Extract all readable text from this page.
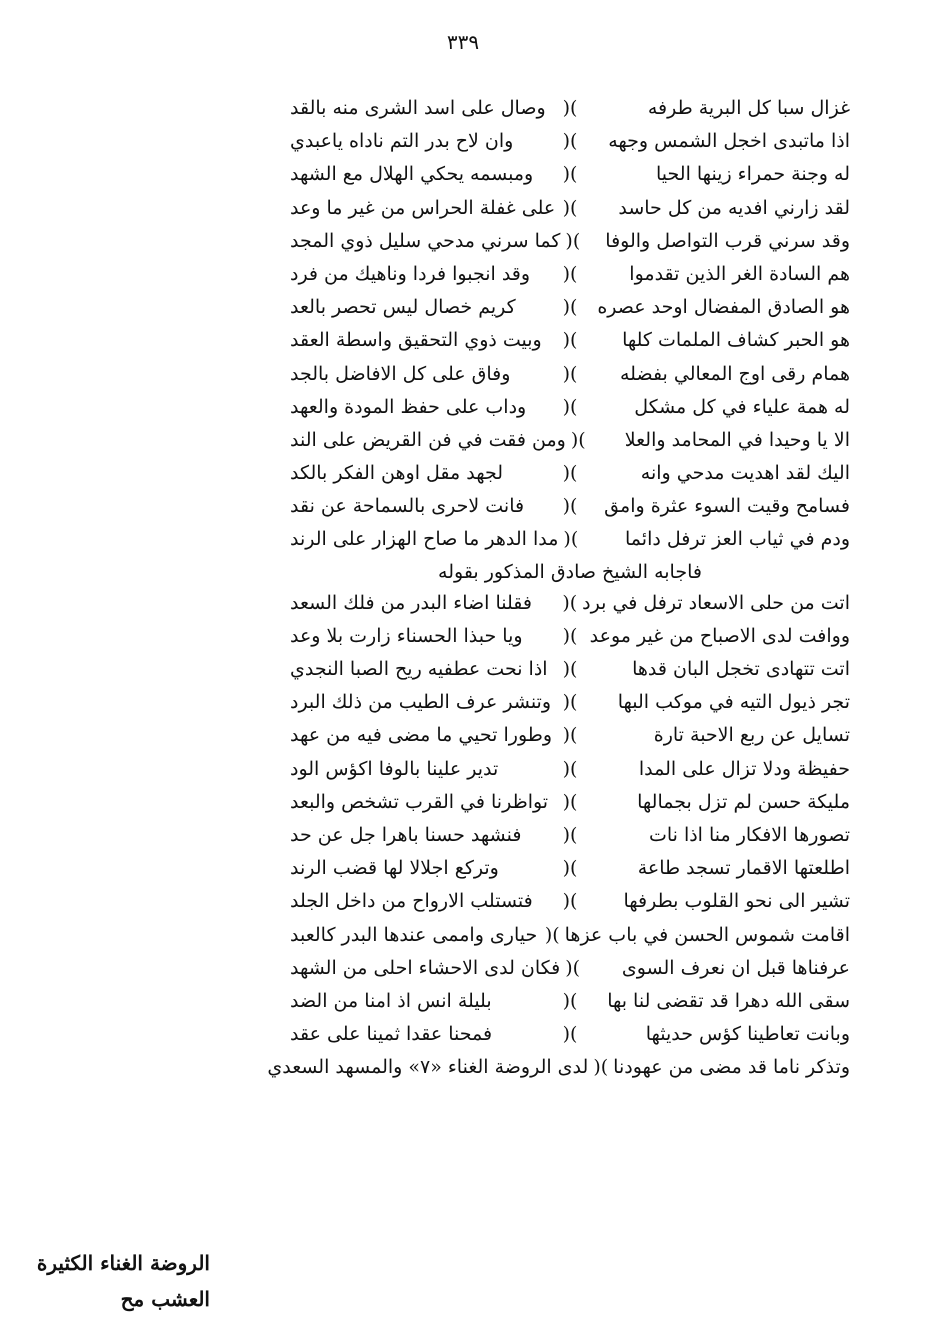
٣٣٩
غزال سبا كل البرية طرفه
)(
وصال على اسد الشرى منه بالقد
اذا ماتبدى اخجل الشمس وجهه
)(
وان لاح بدر التم ناداه ياعبدي
له وجنة حمراء زينها الحيا
)(
ومبسمه يحكي الهلال مع الشهد
لقد زارني افديه من كل حاسد
)(
على غفلة الحراس من غير ما وعد
وقد سرني قرب التواصل والوفا
)(
كما سرني مدحي سليل ذوي المجد
هم السادة الغر الذين تقدموا
)(
وقد انجبوا فردا وناهيك من فرد
هو الصادق المفضال اوحد عصره
)(
كريم خصال ليس تحصر بالعد
هو الحبر كشاف الملمات كلها
)(
وبيت ذوي التحقيق واسطة العقد
همام رقى اوج المعالي بفضله
)(
وفاق على كل الافاضل بالجد
له همة علياء في كل مشكل
)(
وداب على حفظ المودة والعهد
الا يا وحيدا في المحامد والعلا
)(
ومن فقت في فن القريض على الند
اليك لقد اهديت مدحي وانه
)(
لجهد مقل اوهن الفكر بالكد
فسامح وقيت السوء عثرة وامق
)(
فانت لاحرى بالسماحة عن نقد
ودم في ثياب العز ترفل دائما
)(
مدا الدهر ما صاح الهزار على الرند
فاجابه الشيخ صادق المذكور بقوله
اتت من حلى الاسعاد ترفل في برد
)(
فقلنا اضاء البدر من فلك السعد
ووافت لدى الاصباح من غير موعد
)(
ويا حبذا الحسناء زارت بلا وعد
اتت تتهادى تخجل البان قدها
)(
اذا نحت عطفيه ريح الصبا النجدي
تجر ذيول التيه في موكب البها
)(
وتنشر عرف الطيب من ذلك البرد
تسايل عن ربع الاحبة تارة
)(
وطورا تحيي ما مضى فيه من عهد
حفيظة ودلا تزال على المدا
)(
تدير علينا بالوفا اكؤس الود
مليكة حسن لم تزل بجمالها
)(
تواظرنا في القرب تشخص والبعد
تصورها الافكار منا اذا نات
)(
فنشهد حسنا باهرا جل عن حد
اطلعتها الاقمار تسجد طاعة
)(
وتركع اجلالا لها قضب الرند
تشير الى نحو القلوب بطرفها
)(
فتستلب الارواح من داخل الجلد
اقامت شموس الحسن في باب عزها
)(
حيارى واممى عندها البدر كالعبد
عرفناها قبل ان نعرف السوى
)(
فكان لدى الاحشاء احلى من الشهد
سقى الله دهرا قد تقضى لنا بها
)(
بليلة انس اذ امنا من الضد
وبانت تعاطينا كؤس حديثها
)(
فمحنا عقدا ثمينا على عقد
وتذكر ناما قد مضى من عهودنا
)(
لدى الروضة الغناء «٧» والمسهد السعدي
الروضة الغناء الكثيرة
العشب مح
